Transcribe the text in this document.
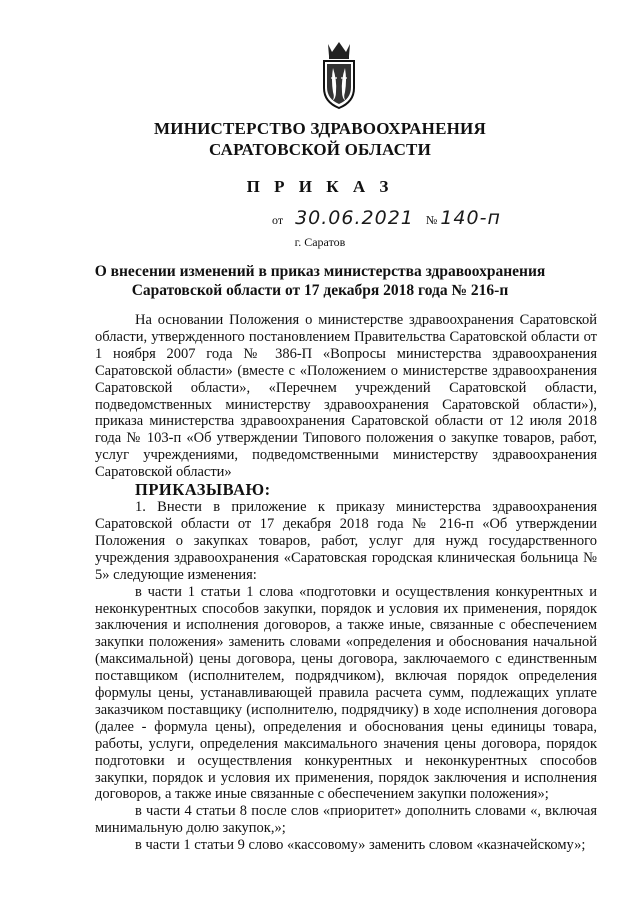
МИНИСТЕРСТВО ЗДРАВООХРАНЕНИЯ
САРАТОВСКОЙ ОБЛАСТИ
П Р И К А З
от 30.06.2021 № 140-п
г. Саратов
О внесении изменений в приказ министерства здравоохранения
Саратовской области от 17 декабря 2018 года № 216-п

На основании Положения о министерстве здравоохранения Саратовской области, утвержденного постановлением Правительства Саратовской области от 1 ноября 2007 года № 386-П «Вопросы министерства здравоохранения Саратовской области» (вместе с «Положением о министерстве здравоохранения Саратовской области», «Перечнем учреждений Саратовской области, подведомственных министерству здравоохранения Саратовской области»), приказа министерства здравоохранения Саратовской области от 12 июля 2018 года № 103-п «Об утверждении Типового положения о закупке товаров, работ, услуг учреждениями, подведомственными министерству здравоохранения Саратовской области»

ПРИКАЗЫВАЮ:

1. Внести в приложение к приказу министерства здравоохранения Саратовской области от 17 декабря 2018 года № 216-п «Об утверждении Положения о закупках товаров, работ, услуг для нужд государственного учреждения здравоохранения «Саратовская городская клиническая больница № 5» следующие изменения:

в части 1 статьи 1 слова «подготовки и осуществления конкурентных и неконкурентных способов закупки, порядок и условия их применения, порядок заключения и исполнения договоров, а также иные, связанные с обеспечением закупки положения» заменить словами «определения и обоснования начальной (максимальной) цены договора, цены договора, заключаемого с единственным поставщиком (исполнителем, подрядчиком), включая порядок определения формулы цены, устанавливающей правила расчета сумм, подлежащих уплате заказчиком поставщику (исполнителю, подрядчику) в ходе исполнения договора (далее - формула цены), определения и обоснования цены единицы товара, работы, услуги, определения максимального значения цены договора, порядок подготовки и осуществления конкурентных и неконкурентных способов закупки, порядок и условия их применения, порядок заключения и исполнения договоров, а также иные связанные с обеспечением закупки положения»;

в части 4 статьи 8 после слов «приоритет» дополнить словами «, включая минимальную долю закупок,»;

в части 1 статьи 9 слово «кассовому» заменить словом «казначейскому»;
